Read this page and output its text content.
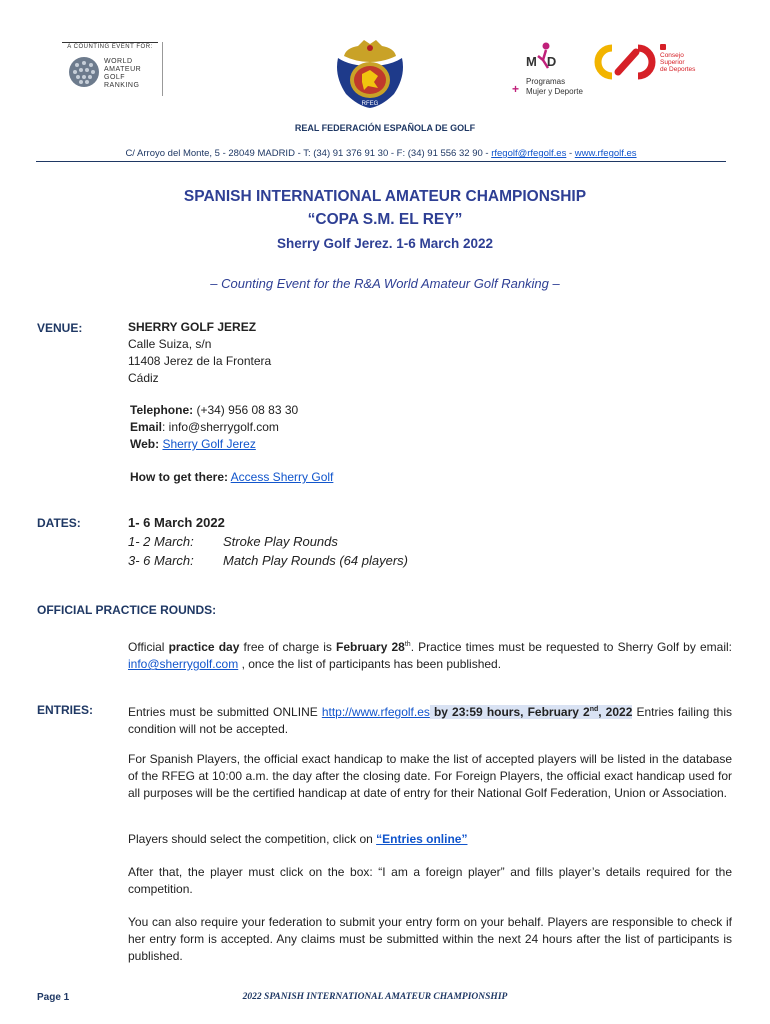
A COUNTING EVENT FOR:
WORLD
AMATEUR
GOLF
RANKING
RFEG
MD
+
Programas
Mujer y Deporte
Consejo
Superior
de Deportes
REAL FEDERACIÓN ESPAÑOLA DE GOLF
C/ Arroyo del Monte, 5 - 28049 MADRID - T: (34) 91 376 91 30 - F: (34) 91 556 32 90 - rfegolf@rfegolf.es - www.rfegolf.es
SPANISH INTERNATIONAL AMATEUR CHAMPIONSHIP
“COPA S.M. EL REY”
Sherry Golf Jerez. 1-6 March 2022
– Counting Event for the R&A World Amateur Golf Ranking –
VENUE:	SHERRY GOLF JEREZ
Calle Suiza, s/n
11408 Jerez de la Frontera
Cádiz
Telephone: (+34) 956 08 83 30
Email: info@sherrygolf.com
Web: Sherry Golf Jerez
How to get there: Access Sherry Golf
DATES:	1- 6 March 2022
1- 2 March: Stroke Play Rounds
3- 6 March: Match Play Rounds (64 players)
OFFICIAL PRACTICE ROUNDS:
Official practice day free of charge is February 28th. Practice times must be requested to Sherry Golf by email: info@sherrygolf.com , once the list of participants has been published.
ENTRIES:	Entries must be submitted ONLINE http://www.rfegolf.es by 23:59 hours, February 2nd, 2022 Entries failing this condition will not be accepted.
For Spanish Players, the official exact handicap to make the list of accepted players will be listed in the database of the RFEG at 10:00 a.m. the day after the closing date. For Foreign Players, the official exact handicap used for all purposes will be the certified handicap at date of entry for their National Golf Federation, Union or Association.
Players should select the competition, click on “Entries online”
After that, the player must click on the box: “I am a foreign player” and fills player’s details required for the competition.
You can also require your federation to submit your entry form on your behalf. Players are responsible to check if her entry form is accepted. Any claims must be submitted within the next 24 hours after the list of participants is published.
Page 1	2022 SPANISH INTERNATIONAL AMATEUR CHAMPIONSHIP
